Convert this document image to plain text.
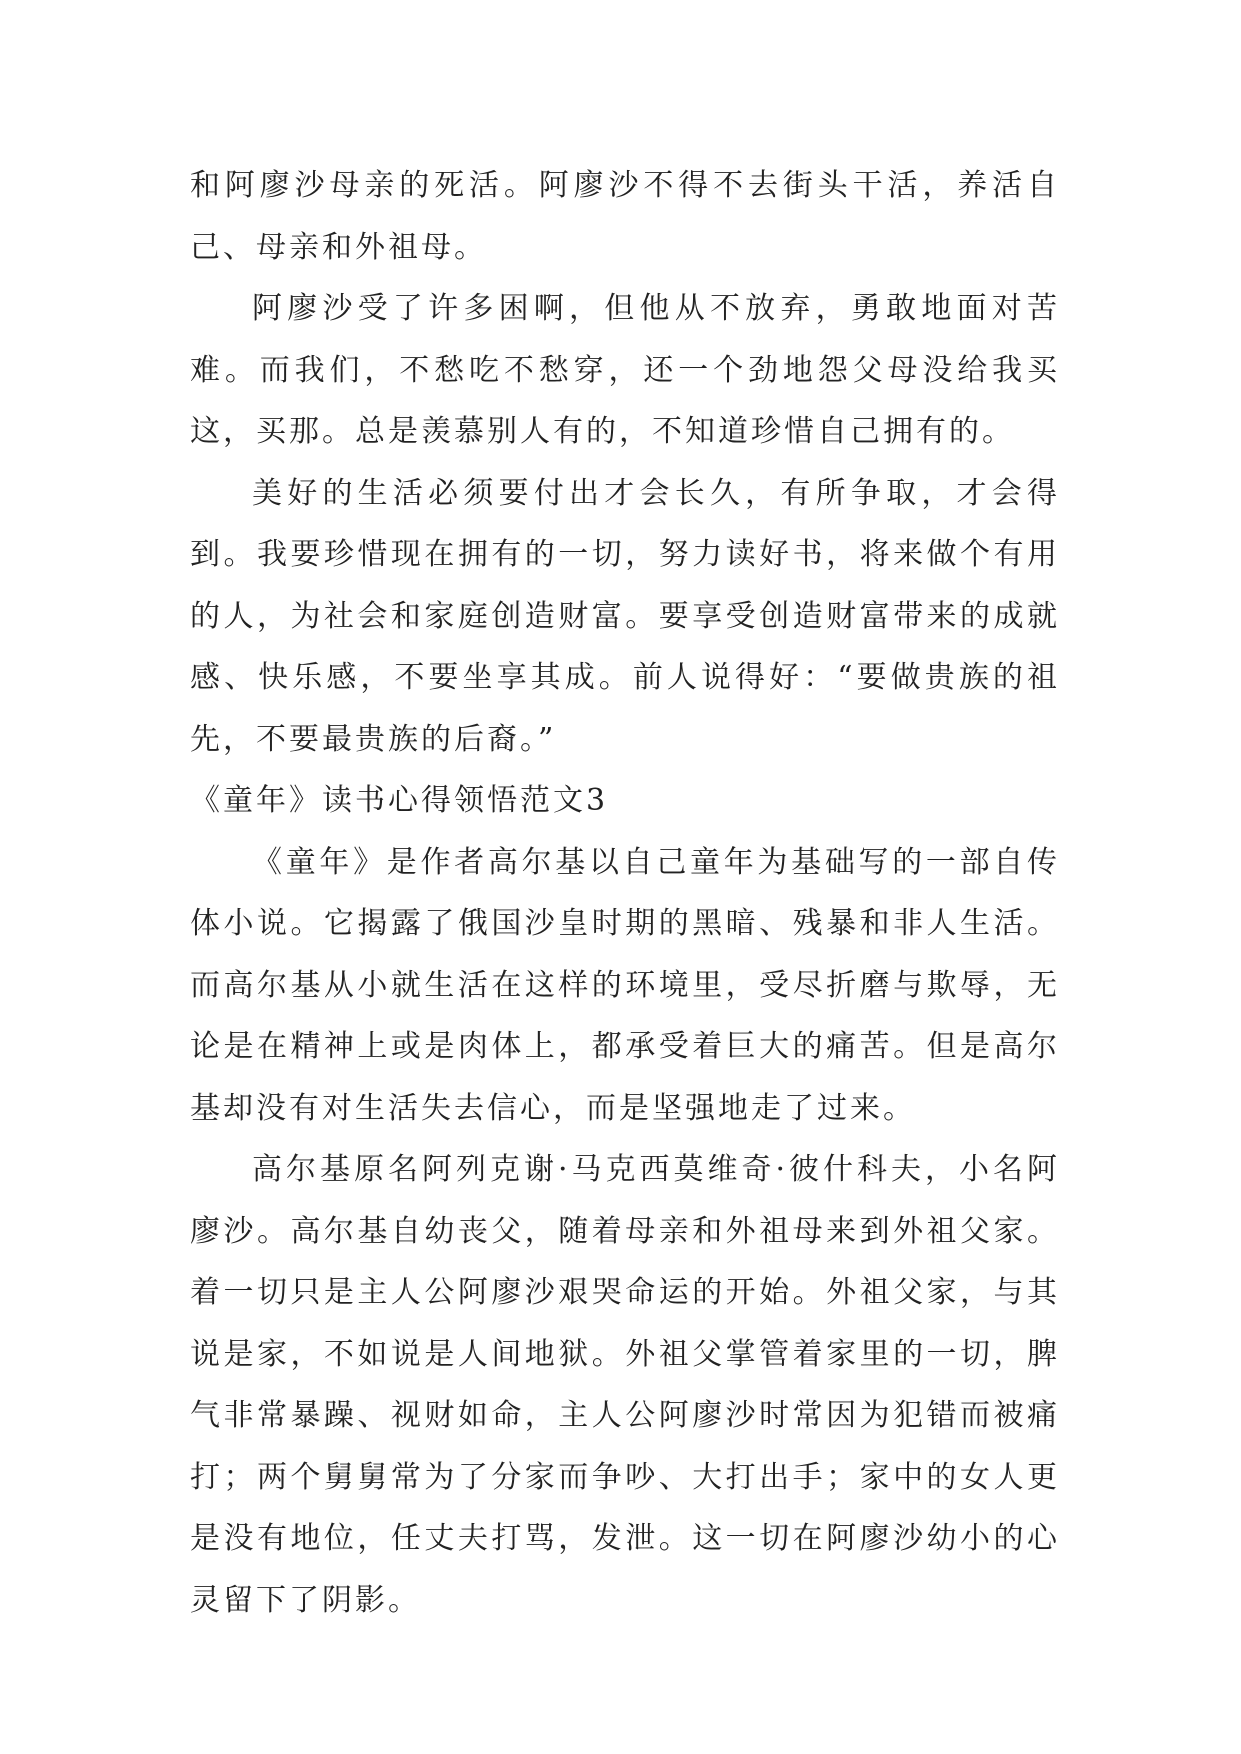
和阿廖沙母亲的死活。阿廖沙不得不去街头干活，养活自己、母亲和外祖母。

阿廖沙受了许多困啊，但他从不放弃，勇敢地面对苦难。而我们，不愁吃不愁穿，还一个劲地怨父母没给我买这，买那。总是羡慕别人有的，不知道珍惜自己拥有的。

美好的生活必须要付出才会长久，有所争取，才会得到。我要珍惜现在拥有的一切，努力读好书，将来做个有用的人，为社会和家庭创造财富。要享受创造财富带来的成就感、快乐感，不要坐享其成。前人说得好：“要做贵族的祖先，不要最贵族的后裔。”

《童年》读书心得领悟范文3

《童年》是作者高尔基以自己童年为基础写的一部自传体小说。它揭露了俄国沙皇时期的黑暗、残暴和非人生活。而高尔基从小就生活在这样的环境里，受尽折磨与欺辱，无论是在精神上或是肉体上，都承受着巨大的痛苦。但是高尔基却没有对生活失去信心，而是坚强地走了过来。

高尔基原名阿列克谢·马克西莫维奇·彼什科夫，小名阿廖沙。高尔基自幼丧父，随着母亲和外祖母来到外祖父家。着一切只是主人公阿廖沙艰哭命运的开始。外祖父家，与其说是家，不如说是人间地狱。外祖父掌管着家里的一切，脾气非常暴躁、视财如命，主人公阿廖沙时常因为犯错而被痛打；两个舅舅常为了分家而争吵、大打出手；家中的女人更是没有地位，任丈夫打骂，发泄。这一切在阿廖沙幼小的心灵留下了阴影。
